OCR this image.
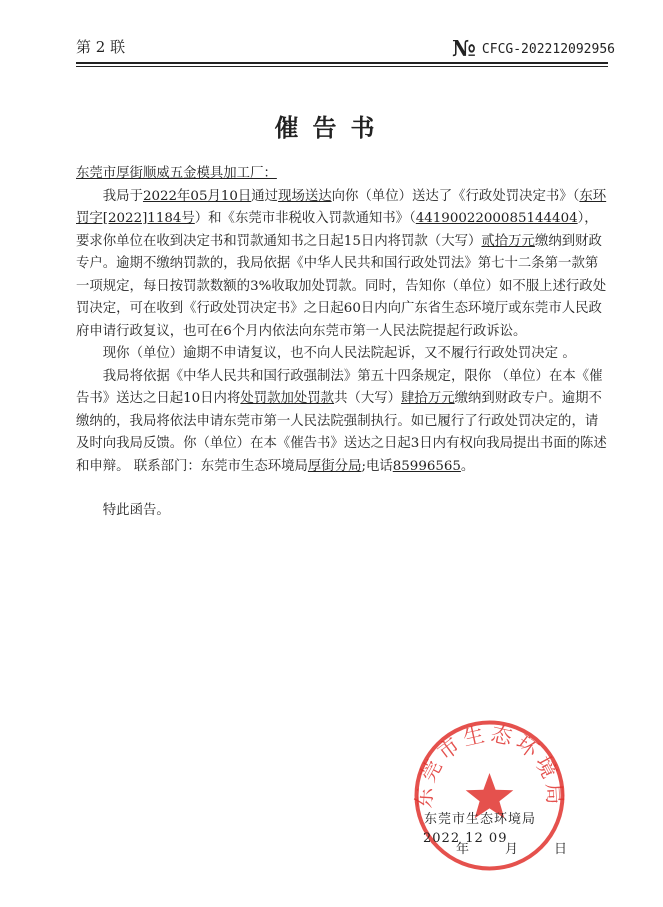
第 2 联	№ CFCG-202212092956
催告书

东莞市厚街顺威五金模具加工厂：

我局于2022年05月10日通过现场送达向你（单位）送达了《行政处罚决定书》（东环罚字[2022]1184号）和《东莞市非税收入罚款通知书》（4419002200085144404），要求你单位在收到决定书和罚款通知书之日起15日内将罚款（大写）贰拾万元缴纳到财政专户。逾期不缴纳罚款的，我局依据《中华人民共和国行政处罚法》第七十二条第一款第一项规定，每日按罚款数额的3%收取加处罚款。同时，告知你（单位）如不服上述行政处罚决定，可在收到《行政处罚决定书》之日起60日内向广东省生态环境厅或东莞市人民政府申请行政复议，也可在6个月内依法向东莞市第一人民法院提起行政诉讼。

现你（单位）逾期不申请复议，也不向人民法院起诉，又不履行行政处罚决定 。

我局将依据《中华人民共和国行政强制法》第五十四条规定，限你 （单位）在本《催告书》送达之日起10日内将处罚款加处罚款共（大写）肆拾万元缴纳到财政专户。逾期不缴纳的，我局将依法申请东莞市第一人民法院强制执行。如已履行了行政处罚决定的，请及时向我局反馈。你（单位）在本《催告书》送达之日起3日内有权向我局提出书面的陈述和申辩。 联系部门：东莞市生态环境局厚街分局;电话85996565。

特此函告。

东莞市生态环境局
东莞市生态环境局
2022 12 09
年月日
